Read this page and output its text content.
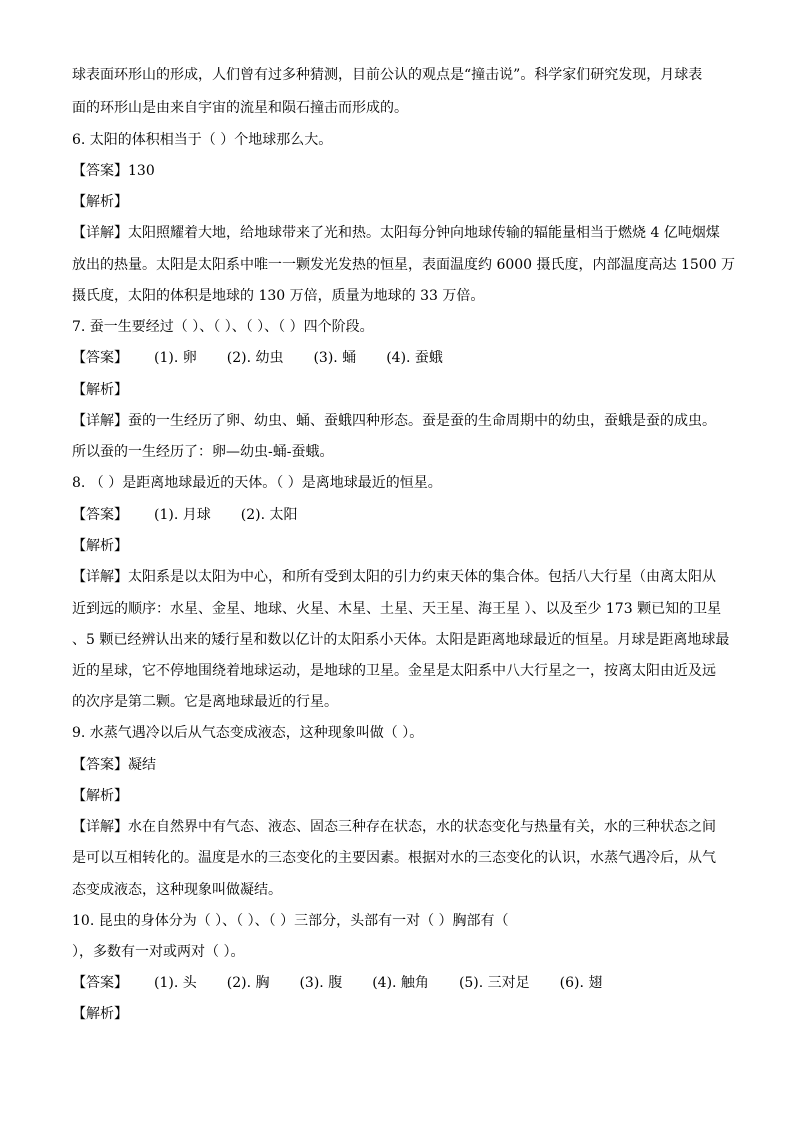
球表面环形山的形成，人们曾有过多种猜测，目前公认的观点是“撞击说”。科学家们研究发现，月球表
面的环形山是由来自宇宙的流星和陨石撞击而形成的。
6. 太阳的体积相当于（ ）个地球那么大。
【答案】130
【解析】
【详解】太阳照耀着大地，给地球带来了光和热。太阳每分钟向地球传输的辐能量相当于燃烧 4 亿吨烟煤
放出的热量。太阳是太阳系中唯一一颗发光发热的恒星，表面温度约 6000 摄氏度，内部温度高达 1500 万
摄氏度，太阳的体积是地球的 130 万倍，质量为地球的 33 万倍。
7. 蚕一生要经过（ ）、（ ）、（ ）、（ ）四个阶段。
【答案】 (1). 卵 (2). 幼虫 (3). 蛹 (4). 蚕蛾
【解析】
【详解】蚕的一生经历了卵、幼虫、蛹、蚕蛾四种形态。蚕是蚕的生命周期中的幼虫，蚕蛾是蚕的成虫。
所以蚕的一生经历了：卵—幼虫-蛹-蚕蛾。
8. （ ）是距离地球最近的天体。（ ）是离地球最近的恒星。
【答案】 (1). 月球 (2). 太阳
【解析】
【详解】太阳系是以太阳为中心，和所有受到太阳的引力约束天体的集合体。包括八大行星（由离太阳从
近到远的顺序：水星、金星、地球、火星、木星、土星、天王星、海王星 ）、以及至少 173 颗已知的卫星
、5 颗已经辨认出来的矮行星和数以亿计的太阳系小天体。太阳是距离地球最近的恒星。月球是距离地球最
近的星球，它不停地围绕着地球运动，是地球的卫星。金星是太阳系中八大行星之一，按离太阳由近及远
的次序是第二颗。它是离地球最近的行星。
9. 水蒸气遇冷以后从气态变成液态，这种现象叫做（ ）。
【答案】凝结
【解析】
【详解】水在自然界中有气态、液态、固态三种存在状态，水的状态变化与热量有关，水的三种状态之间
是可以互相转化的。温度是水的三态变化的主要因素。根据对水的三态变化的认识，水蒸气遇冷后，从气
态变成液态，这种现象叫做凝结。
10. 昆虫的身体分为（ ）、（ ）、（ ）三部分，头部有一对（ ）胸部有（
），多数有一对或两对（ ）。
【答案】 (1). 头 (2). 胸 (3). 腹 (4). 触角 (5). 三对足 (6). 翅
【解析】
